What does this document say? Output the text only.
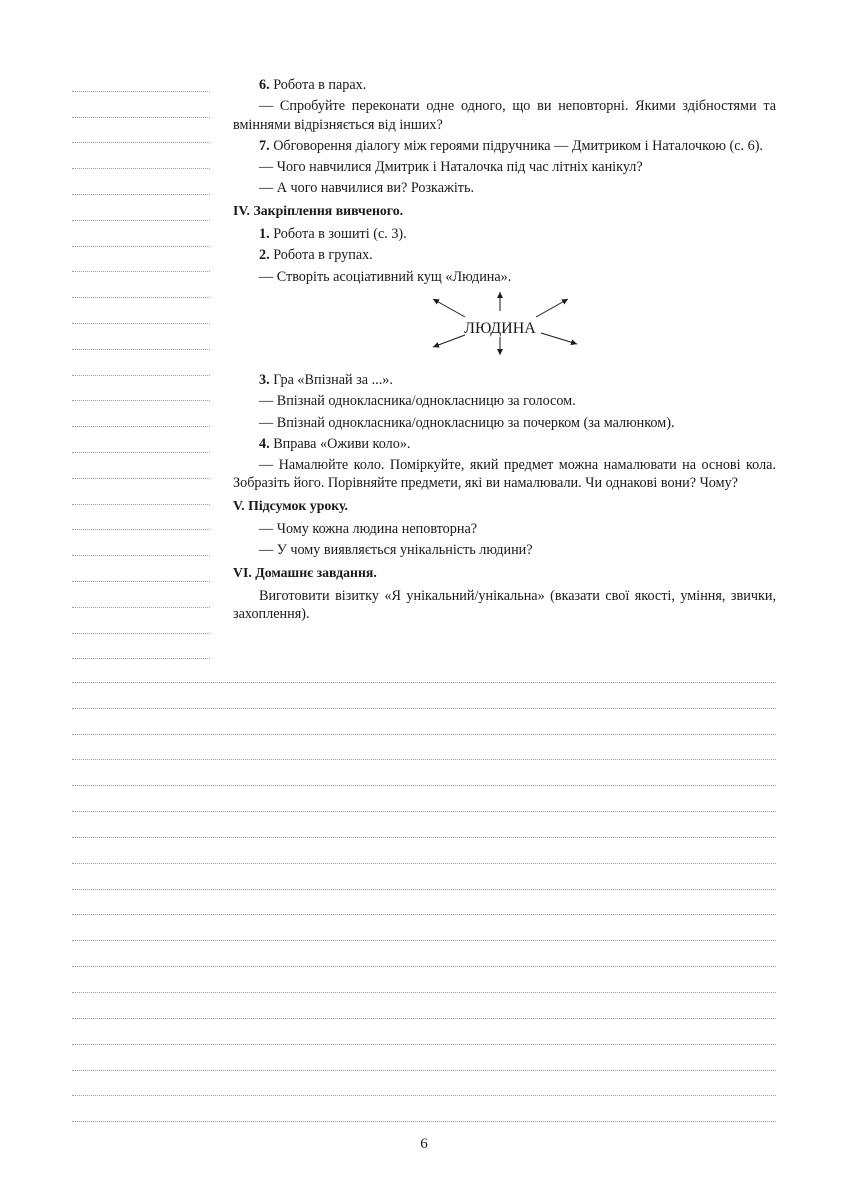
6. Робота в парах.

— Спробуйте переконати одне одного, що ви неповторні. Якими здібностями та вміннями відрізняється від інших?

7. Обговорення діалогу між героями підручника — Дмитриком і Наталочкою (с. 6).

— Чого навчилися Дмитрик і Наталочка під час літніх канікул?

— А чого навчилися ви? Розкажіть.

IV. Закріплення вивченого.

1. Робота в зошиті (с. 3).

2. Робота в групах.

— Створіть асоціативний кущ «Людина».

ЛЮДИНА

3. Гра «Впізнай за ...».

— Впізнай однокласника/однокласницю за голосом.

— Впізнай однокласника/однокласницю за почерком (за малюнком).

4. Вправа «Оживи коло».

— Намалюйте коло. Поміркуйте, який предмет можна намалювати на основі кола. Зобразіть його. Порівняйте предмети, які ви намалювали. Чи однакові вони? Чому?

V. Підсумок уроку.

— Чому кожна людина неповторна?

— У чому виявляється унікальність людини?

VI. Домашнє завдання.

Виготовити візитку «Я унікальний/унікальна» (вказати свої якості, уміння, звички, захоплення).

6
